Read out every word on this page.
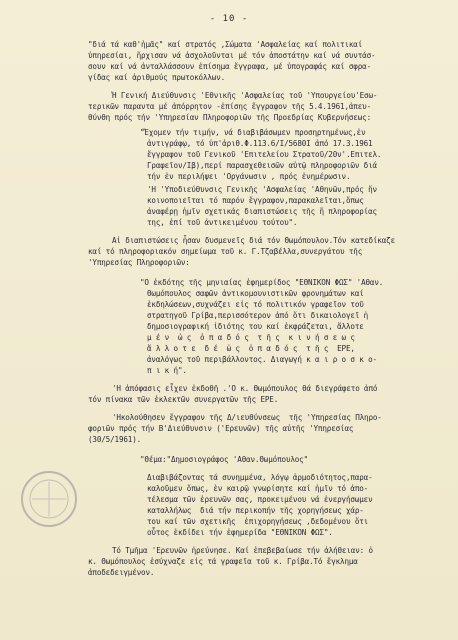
- 10 -
"διά τά καθ'ἡμᾶς" καί στρατός ,Σώματα 'Ασφαλείας καί πολιτικαί
ὑπηρεσίαι, ἤρχισαν νά ἀσχολοῦνται μέ τόν ἀποστάτην καί νά συντάσ-
σουν καί νά ἀνταλλάσσουν ἐπίσημα ἔγγραφα, μέ ὑπογραφάς καί σφρα-
γίδας καί ἀριθμούς πρωτοκόλλων.
Ἡ Γενική Διεύθυνσις 'Εθνικῆς 'Ασφαλείας τοῦ 'Υπουργείου'Εσω-
τερικῶν παραντα μέ ἀπόρρητον -ἐπίσης ἔγγραφον τῆς 5.4.1961,ἀπευ-
θύνθη πρός τήν 'Υπηρεσίαν Πληροφοριῶν τῆς Προεδρίας Κυβερνήσεως:
"Ἔχομεν τήν τιμήν, νά διαβιβάσωμεν προσηρτημένως,ἐν
ἀντιγράφῳ, τό ὑπ'ἀριθ.Φ.113.6/Ι/5680Ι ἀπό 17.3.1961
ἔγγραφον τοῦ Γενικοῦ 'Επιτελείου Στρατοῦ/20ν'.Επιτελ.
Γραφεῖον/Ιβ),περί παρασχεθεισῶν αὐτῷ πληροφοριῶν διά
τήν ἐν περιλήψει 'Οργάνωσιν , πρός ἐνημέρωσιν.
'Η 'Υποδιεύθυνσις Γενικῆς 'Ασφαλείας 'Αθηνῶν,πρός ἥν
κοινοποιεῖται τό παρόν ἔγγραφον,παρακαλεῖται,ὅπως
ἀναφέρῃ ἡμῖν σχετικάς διαπιστώσεις τῆς ἤ πληροφορίας
της, ἐπί τοῦ ἀντικειμένου τούτου".
Αἱ διαπιστώσεις ἦσαν δυσμενεῖς διά τόν Θωμόπουλον.Τόν κατεδίκαζε
καί τό πληροφοριακόν σημείωμα τοῦ κ. Γ.Τζαβέλλα,συνεργάτου τῆς
'Υπηρεσίας Πληροφοριῶν:
"Ο ἐκδότης τῆς μηνιαίας ἐφημερίδος "ΕΘΝΙΚΟΝ ΦΩΣ" 'Αθαν.
Θωμόπουλος σαφῶν ἀντικομουνιστικῶν φρονημάτων καί
ἐκδηλώσεων,συχνάζει εἰς τό πολιτικόν γραφεῖον τοῦ
στρατηγοῦ Γρίβα,περισσότερον ἀπό ὅτι δικαιολογεῖ ἡ
δημοσιογραφική ἰδιότης του καί ἐκφράζεται, ἄλλοτε
μ έ ν  ὡ ς  ὀ π α δ ό ς  τ ῆ ς  κ ι ν ή σ ε ω ς
ἄ λ λ ο τ ε  δ έ  ὡ ς  ὀ π α δ ό ς  τ ῆ ς  ΕΡΕ,
ἀναλόγως τοῦ περιβάλλοντος. Διαγωγή κ α ι ρ ο σ κ ο-
π ι κ ή".
'Η ἀπόφασις εἶχεν ἐκδοθῆ .'Ο κ. Θωμόπουλος θά διεγράφετο ἀπό
τόν πίνακα τῶν ἐκλεκτῶν συνεργατῶν τῆς ΕΡΕ.
'Ηκολούθησεν ἔγγραφον τῆς Δ/ιευθύνσεως  τῆς 'Υπηρεσίας Πληρο-
φοριῶν πρός τήν Β'Διεύθυνσιν ('Ερευνῶν) τῆς αὐτῆς 'Υπηρεσίας
(30/5/1961).
"Θέμα:"Δημοσιογράφος 'Αθαν.Θωμόπουλος"
Διαβιβάζοντας τά συνημμένα, λόγῳ ἁρμοδιότητος,παρα-
καλοῦμεν ὅπως, ἐν καιρῷ γνωρίσητε καί ἡμῖν τό ἀπο-
τέλεσμα τῶν ἐρευνῶν σας, προκειμένου νά ἐνεργήσωμεν
καταλλήλως  διά τήν περικοπήν τῆς χορηγήσεως χάρ-
του καί τῶν σχετικῆς  ἐπιχορηγήσεως ,δεδομένου ὅτι
οὗτος ἐκδίδει τήν ἐφημερίδα "ΕΘΝΙΚΟΝ ΦΩΣ".
Τό Τμῆμα 'Ερευνῶν ἠρεύνησε. Καί ἐπεβεβαίωσε τήν ἀλήθειαν: ὁ
κ. Θωμόπουλος ἐσύχναζε εἰς τά γραφεῖα τοῦ κ. Γρίβα.Τό ἔγκλημα
ἀποδεδειγμένον.
